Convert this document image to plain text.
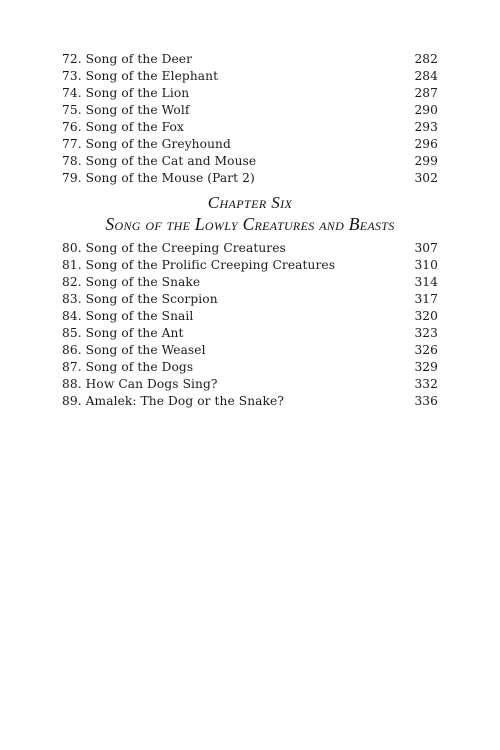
72. Song of the Deer	282
73. Song of the Elephant	284
74. Song of the Lion	287
75. Song of the Wolf	290
76. Song of the Fox	293
77. Song of the Greyhound	296
78. Song of the Cat and Mouse	299
79. Song of the Mouse (Part 2)	302
Chapter Six
Song of the Lowly Creatures and Beasts
80. Song of the Creeping Creatures	307
81. Song of the Prolific Creeping Creatures	310
82. Song of the Snake	314
83. Song of the Scorpion	317
84. Song of the Snail	320
85. Song of the Ant	323
86. Song of the Weasel	326
87. Song of the Dogs	329
88. How Can Dogs Sing?	332
89. Amalek: The Dog or the Snake?	336
